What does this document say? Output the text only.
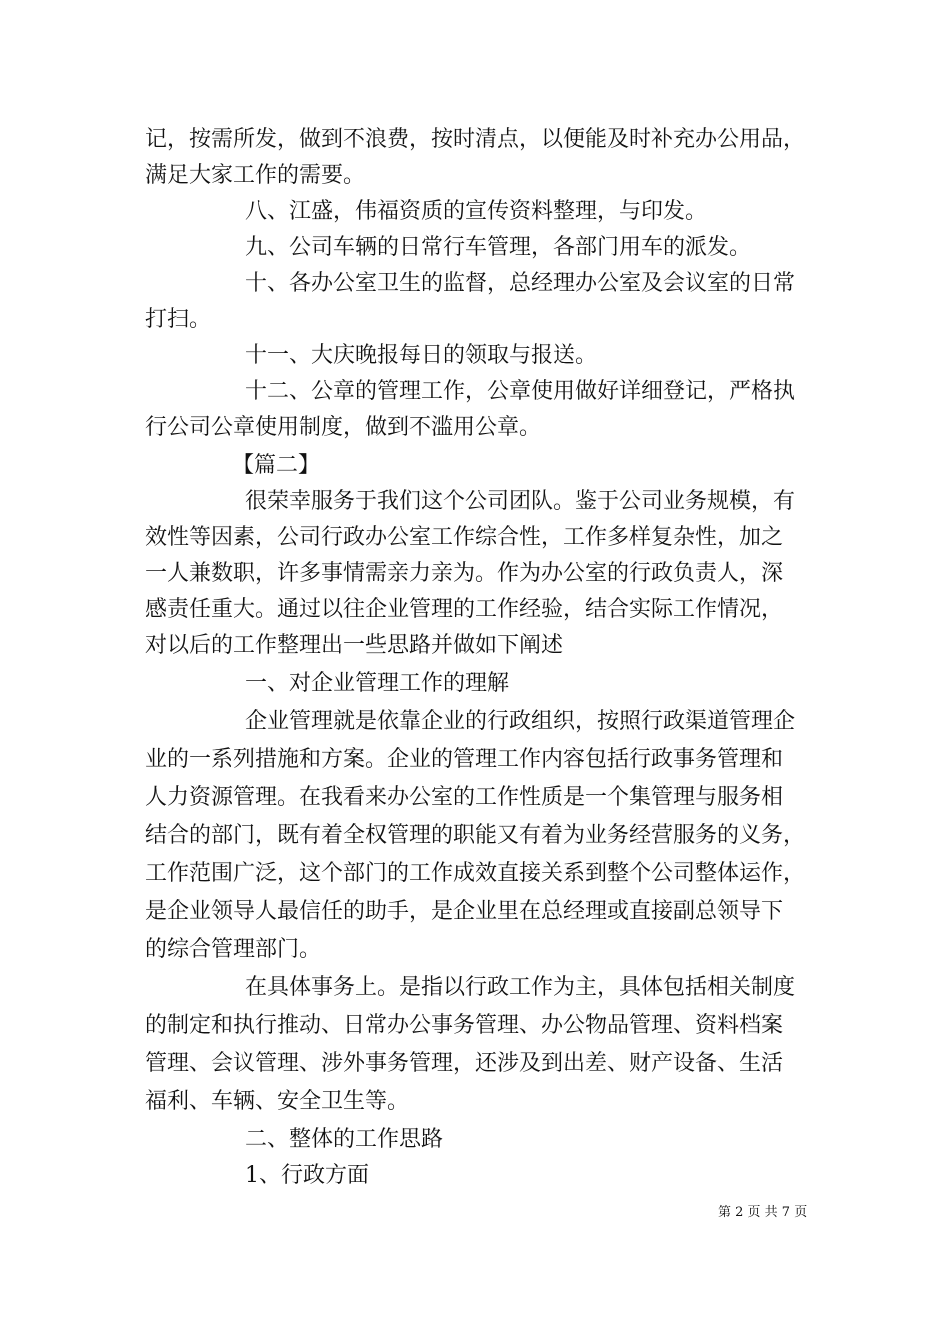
记，按需所发，做到不浪费，按时清点，以便能及时补充办公用品，
满足大家工作的需要。
八、江盛，伟福资质的宣传资料整理，与印发。
九、公司车辆的日常行车管理，各部门用车的派发。
十、各办公室卫生的监督，总经理办公室及会议室的日常
打扫。
十一、大庆晚报每日的领取与报送。
十二、公章的管理工作，公章使用做好详细登记，严格执
行公司公章使用制度，做到不滥用公章。
【篇二】
很荣幸服务于我们这个公司团队。鉴于公司业务规模，有
效性等因素，公司行政办公室工作综合性，工作多样复杂性，加之
一人兼数职，许多事情需亲力亲为。作为办公室的行政负责人，深
感责任重大。通过以往企业管理的工作经验，结合实际工作情况，
对以后的工作整理出一些思路并做如下阐述
一、对企业管理工作的理解
企业管理就是依靠企业的行政组织，按照行政渠道管理企
业的一系列措施和方案。企业的管理工作内容包括行政事务管理和
人力资源管理。在我看来办公室的工作性质是一个集管理与服务相
结合的部门，既有着全权管理的职能又有着为业务经营服务的义务，
工作范围广泛，这个部门的工作成效直接关系到整个公司整体运作，
是企业领导人最信任的助手，是企业里在总经理或直接副总领导下
的综合管理部门。
在具体事务上。是指以行政工作为主，具体包括相关制度
的制定和执行推动、日常办公事务管理、办公物品管理、资料档案
管理、会议管理、涉外事务管理，还涉及到出差、财产设备、生活
福利、车辆、安全卫生等。
二、整体的工作思路
1、行政方面
第 2 页 共 7 页
